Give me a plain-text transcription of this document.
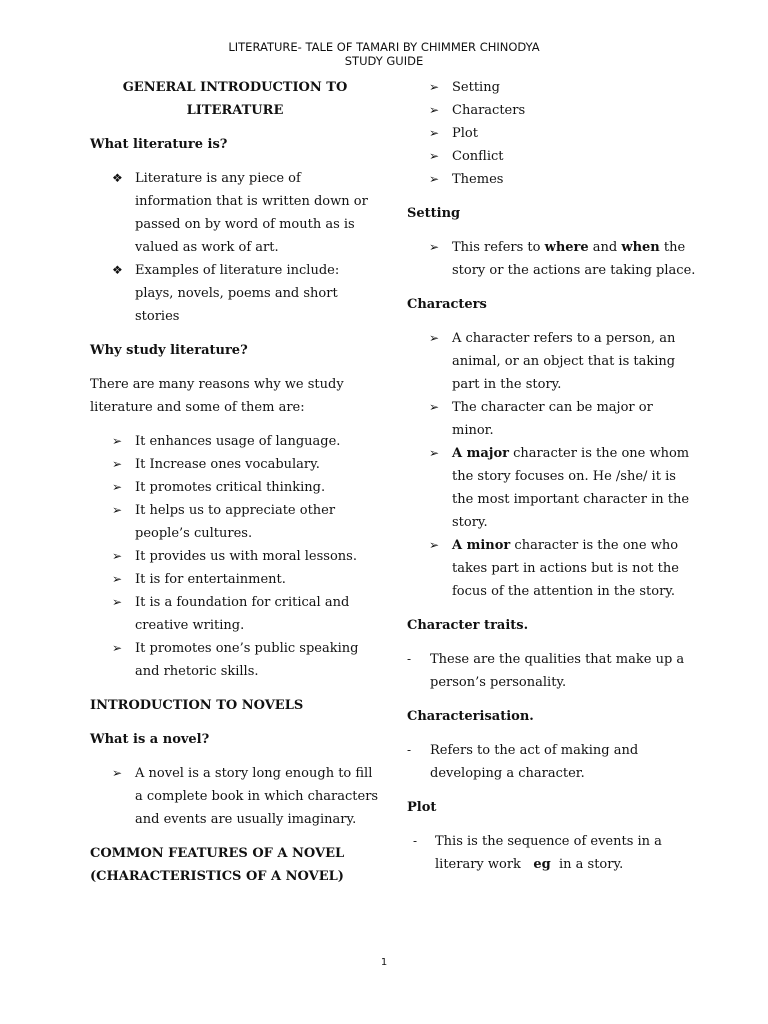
LITERATURE- TALE OF TAMARI BY CHIMMER CHINODYA
STUDY GUIDE

GENERAL INTRODUCTION TO

LITERATURE

What literature is?

❖ Literature is any piece of information that is written down or passed on by word of mouth as is valued as work of art.
❖ Examples of literature include: plays, novels, poems and short stories

Why study literature?

There are many reasons why we study literature and some of them are:

➢ It enhances usage of language.
➢ It Increase ones vocabulary.
➢ It promotes critical thinking.
➢ It helps us to appreciate other people’s cultures.
➢ It provides us with moral lessons.
➢ It is for entertainment.
➢ It is a foundation for critical and creative writing.
➢ It promotes one’s public speaking and rhetoric skills.

INTRODUCTION TO NOVELS

What is a novel?

➢ A novel is a story long enough to fill a complete book in which characters and events are usually imaginary.

COMMON FEATURES OF A NOVEL

(CHARACTERISTICS OF A NOVEL)

➢ Setting
➢ Characters
➢ Plot
➢ Conflict
➢ Themes

Setting

➢ This refers to where and when the story or the actions are taking place.

Characters

➢ A character refers to a person, an animal, or an object that is taking part in the story.
➢ The character can be major or minor.
➢ A major character is the one whom the story focuses on. He /she/ it is the most important character in the story.
➢ A minor character is the one who takes part in actions but is not the focus of the attention in the story.

Character traits.

- These are the qualities that make up a person’s personality.

Characterisation.

- Refers to the act of making and developing a character.

Plot

- This is the sequence of events in a literary work   eg  in a story.
1
